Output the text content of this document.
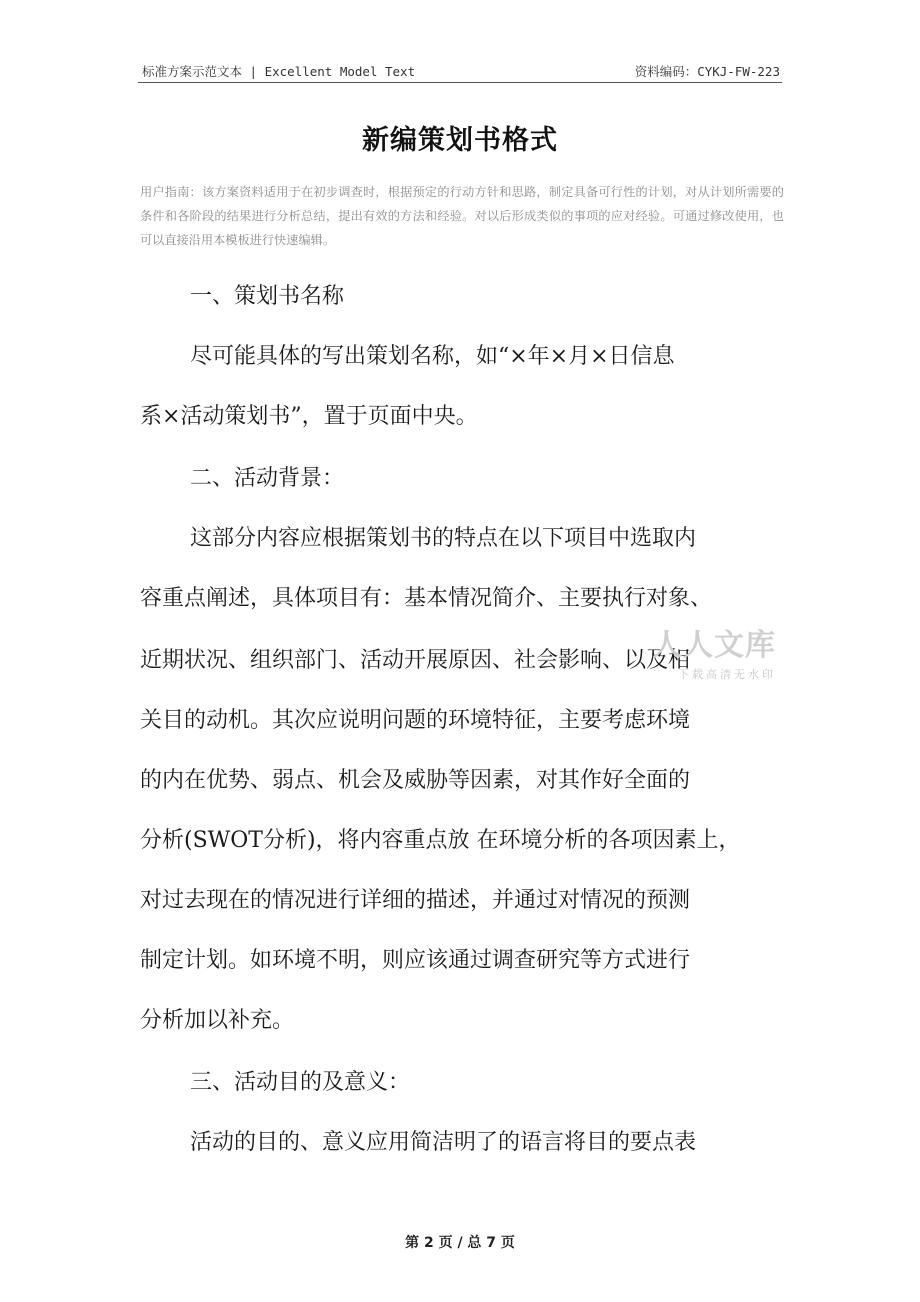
标准方案示范文本 | Excellent Model Text	资料编码：CYKJ-FW-223
新编策划书格式
用户指南：该方案资料适用于在初步调查时，根据预定的行动方针和思路，制定具备可行性的计划，对从计划所需要的条件和各阶段的结果进行分析总结，提出有效的方法和经验。对以后形成类似的事项的应对经验。可通过修改使用，也可以直接沿用本模板进行快速编辑。
一、策划书名称
尽可能具体的写出策划名称，如“×年×月×日信息
系×活动策划书”，置于页面中央。
二、活动背景：
这部分内容应根据策划书的特点在以下项目中选取内
容重点阐述，具体项目有：基本情况简介、主要执行对象、
近期状况、组织部门、活动开展原因、社会影响、以及相
关目的动机。其次应说明问题的环境特征，主要考虑环境
的内在优势、弱点、机会及威胁等因素，对其作好全面的
分析(SWOT分析)，将内容重点放 在环境分析的各项因素上，
对过去现在的情况进行详细的描述，并通过对情况的预测
制定计划。如环境不明，则应该通过调查研究等方式进行
分析加以补充。
三、活动目的及意义：
活动的目的、意义应用简洁明了的语言将目的要点表
人人文库
下载高清无水印
第 2 页 / 总 7 页
